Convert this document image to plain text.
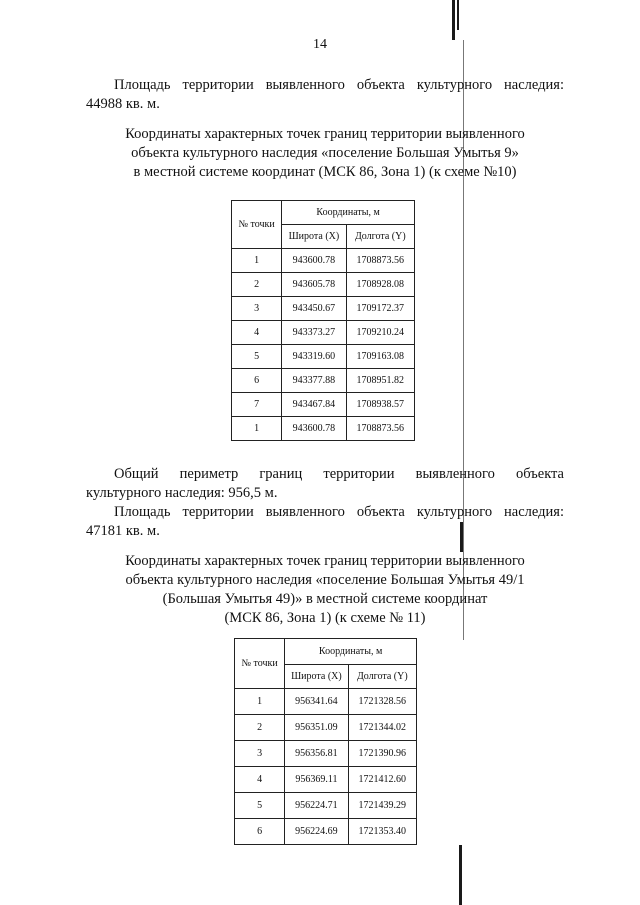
14
Площадь территории выявленного объекта культурного наследия:
44988 кв. м.
Координаты характерных точек границ территории выявленного
объекта культурного наследия «поселение Большая Умытья 9»
в местной системе координат (МСК 86, Зона 1) (к схеме №10)
№ точки	Координаты, м	
	Широта (X)	Долгота (Y)
1	943600.78	1708873.56
2	943605.78	1708928.08
3	943450.67	1709172.37
4	943373.27	1709210.24
5	943319.60	1709163.08
6	943377.88	1708951.82
7	943467.84	1708938.57
1	943600.78	1708873.56
Общий периметр границ территории выявленного объекта
культурного наследия: 956,5 м.
Площадь территории выявленного объекта культурного наследия:
47181 кв. м.
Координаты характерных точек границ территории выявленного
объекта культурного наследия «поселение Большая Умытья 49/1
(Большая Умытья 49)» в местной системе координат
(МСК 86, Зона 1) (к схеме № 11)
№ точки	Координаты, м	
	Широта (X)	Долгота (Y)
1	956341.64	1721328.56
2	956351.09	1721344.02
3	956356.81	1721390.96
4	956369.11	1721412.60
5	956224.71	1721439.29
6	956224.69	1721353.40
